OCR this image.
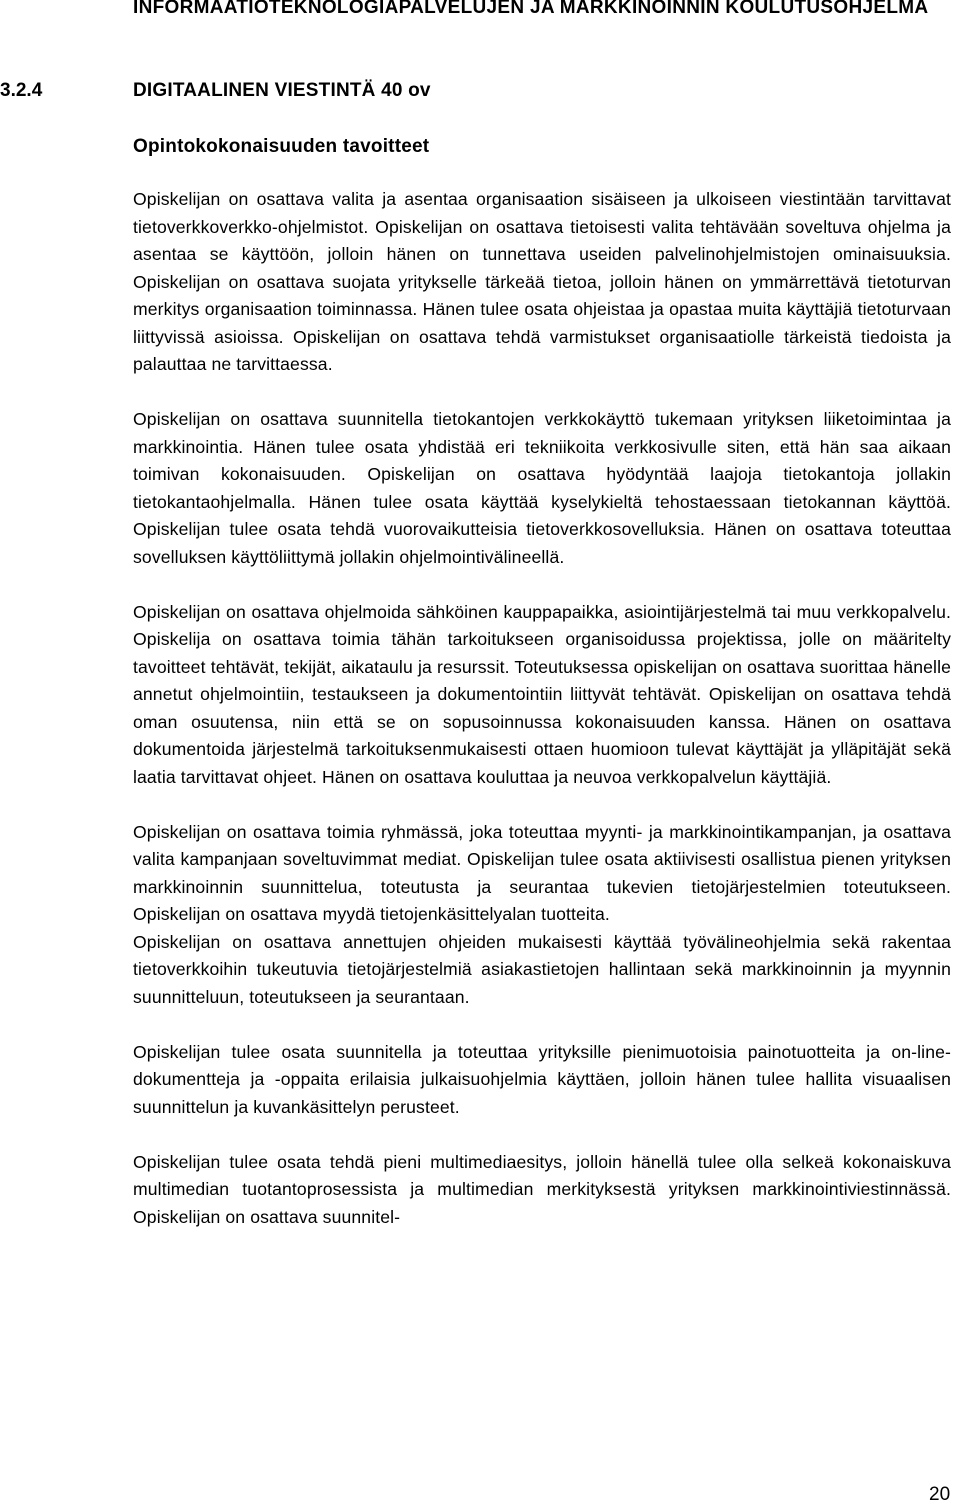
INFORMAATIOTEKNOLOGIAPALVELUJEN JA MARKKINOINNIN KOULUTUSOHJELMA
3.2.4	DIGITAALINEN VIESTINTÄ 40 ov
Opintokokonaisuuden tavoitteet

Opiskelijan on osattava valita ja asentaa organisaation sisäiseen ja ulkoiseen viestintään tarvittavat tietoverkkoverkko-ohjelmistot. Opiskelijan on osattava tietoisesti valita tehtävään soveltuva ohjelma ja asentaa se käyttöön, jolloin hänen on tunnettava useiden palvelinohjelmistojen ominaisuuksia. Opiskelijan on osattava suojata yritykselle tärkeää tietoa, jolloin hänen on ymmärrettävä tietoturvan merkitys organisaation toiminnassa. Hänen tulee osata ohjeistaa ja opastaa muita käyttäjiä tietoturvaan liittyvissä asioissa. Opiskelijan on osattava tehdä varmistukset organisaatiolle tärkeistä tiedoista ja palauttaa ne tarvittaessa.

Opiskelijan on osattava suunnitella tietokantojen verkkokäyttö tukemaan yrityksen liiketoimintaa ja markkinointia. Hänen tulee osata yhdistää eri tekniikoita verkkosivulle siten, että hän saa aikaan toimivan kokonaisuuden. Opiskelijan on osattava hyödyntää laajoja tietokantoja jollakin tietokantaohjelmalla. Hänen tulee osata käyttää kyselykieltä tehostaessaan tietokannan käyttöä. Opiskelijan tulee osata tehdä vuorovaikutteisia tietoverkkosovelluksia. Hänen on osattava toteuttaa sovelluksen käyttöliittymä jollakin ohjelmointivälineellä.

Opiskelijan on osattava ohjelmoida sähköinen kauppapaikka, asiointijärjestelmä tai muu verkkopalvelu. Opiskelija on osattava toimia tähän tarkoitukseen organisoidussa projektissa, jolle on määritelty tavoitteet tehtävät, tekijät, aikataulu ja resurssit. Toteutuksessa opiskelijan on osattava suorittaa hänelle annetut ohjelmointiin, testaukseen ja dokumentointiin liittyvät tehtävät. Opiskelijan on osattava tehdä oman osuutensa, niin että se on sopusoinnussa kokonaisuuden kanssa. Hänen on osattava dokumentoida järjestelmä tarkoituksenmukaisesti ottaen huomioon tulevat käyttäjät ja ylläpitäjät sekä laatia tarvittavat ohjeet. Hänen on osattava kouluttaa ja neuvoa verkkopalvelun käyttäjiä.

Opiskelijan on osattava toimia ryhmässä, joka toteuttaa myynti- ja markkinointikampanjan, ja osattava valita kampanjaan soveltuvimmat mediat. Opiskelijan tulee osata aktiivisesti osallistua pienen yrityksen markkinoinnin suunnittelua, toteutusta ja seurantaa tukevien tietojärjestelmien toteutukseen. Opiskelijan on osattava myydä tietojenkäsittelyalan tuotteita.

Opiskelijan on osattava annettujen ohjeiden mukaisesti käyttää työvälineohjelmia sekä rakentaa tietoverkkoihin tukeutuvia tietojärjestelmiä asiakastietojen hallintaan sekä markkinoinnin ja myynnin suunnitteluun, toteutukseen ja seurantaan.

Opiskelijan tulee osata suunnitella ja toteuttaa yrityksille pienimuotoisia painotuotteita ja on-line-dokumentteja ja -oppaita erilaisia julkaisuohjelmia käyttäen, jolloin hänen tulee hallita visuaalisen suunnittelun ja kuvankäsittelyn perusteet.

Opiskelijan tulee osata tehdä pieni multimediaesitys, jolloin hänellä tulee olla selkeä kokonaiskuva multimedian tuotantoprosessista ja multimedian merkityksestä yrityksen markkinointiviestinnässä. Opiskelijan on osattava suunnitel-

20
